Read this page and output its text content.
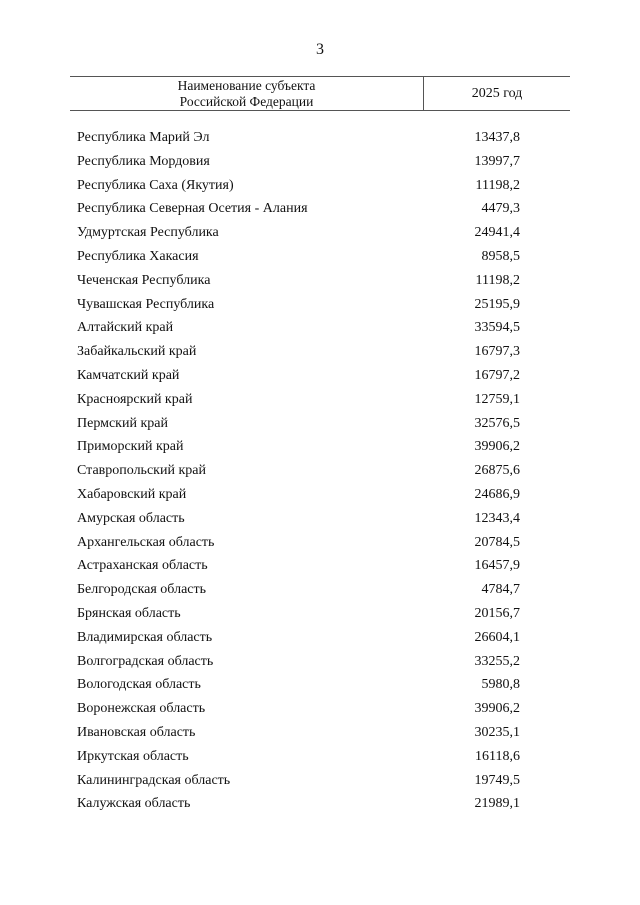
3
Наименование субъекта
Российской Федерации
2025 год
Республика Марий Эл	13437,8
Республика Мордовия	13997,7
Республика Саха (Якутия)	11198,2
Республика Северная Осетия - Алания	4479,3
Удмуртская Республика	24941,4
Республика Хакасия	8958,5
Чеченская Республика	11198,2
Чувашская Республика	25195,9
Алтайский край	33594,5
Забайкальский край	16797,3
Камчатский край	16797,2
Красноярский край	12759,1
Пермский край	32576,5
Приморский край	39906,2
Ставропольский край	26875,6
Хабаровский край	24686,9
Амурская область	12343,4
Архангельская область	20784,5
Астраханская область	16457,9
Белгородская область	4784,7
Брянская область	20156,7
Владимирская область	26604,1
Волгоградская область	33255,2
Вологодская область	5980,8
Воронежская область	39906,2
Ивановская область	30235,1
Иркутская область	16118,6
Калининградская область	19749,5
Калужская область	21989,1
